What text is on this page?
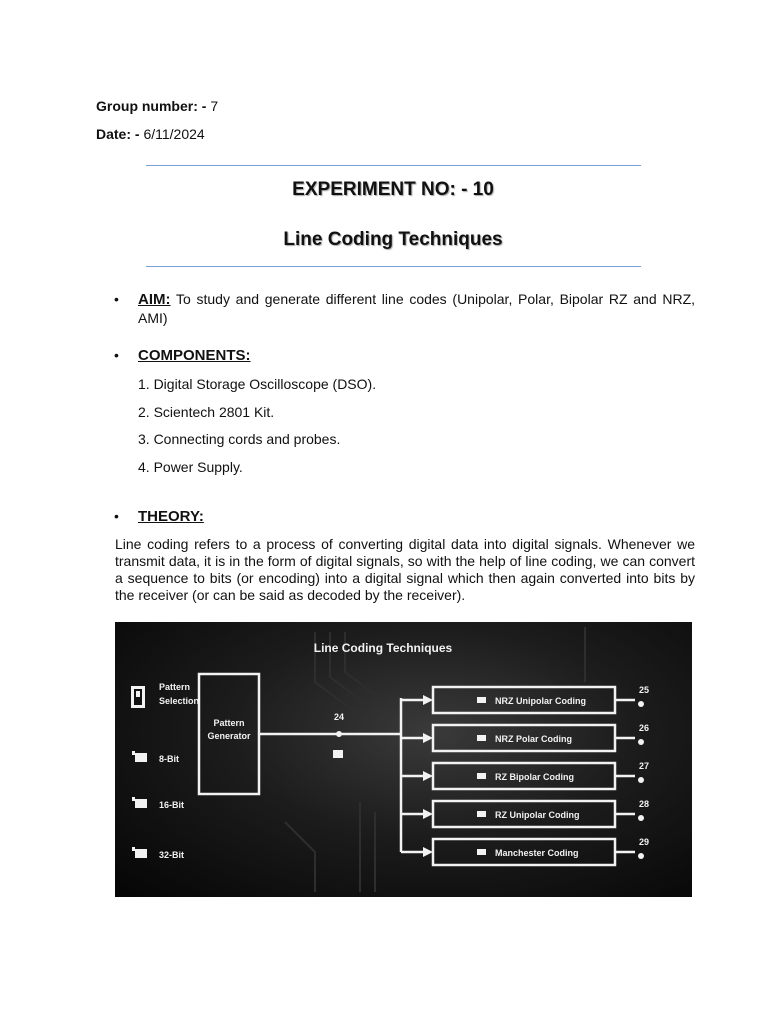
Group number: - 7
Date: - 6/11/2024
EXPERIMENT NO: - 10
Line Coding Techniques
• AIM: To study and generate different line codes (Unipolar, Polar, Bipolar RZ and NRZ, AMI)
• COMPONENTS:
1. Digital Storage Oscilloscope (DSO).
2. Scientech 2801 Kit.
3. Connecting cords and probes.
4. Power Supply.
• THEORY:
Line coding refers to a process of converting digital data into digital signals. Whenever we transmit data, it is in the form of digital signals, so with the help of line coding, we can convert a sequence to bits (or encoding) into a digital signal which then again converted into bits by the receiver (or can be said as decoded by the receiver).
Line Coding Techniques
Pattern Selection
8-Bit
16-Bit
32-Bit
Pattern Generator
24
NRZ Unipolar Coding
25
NRZ Polar Coding
26
RZ Bipolar Coding
27
RZ Unipolar Coding
28
Manchester Coding
29
